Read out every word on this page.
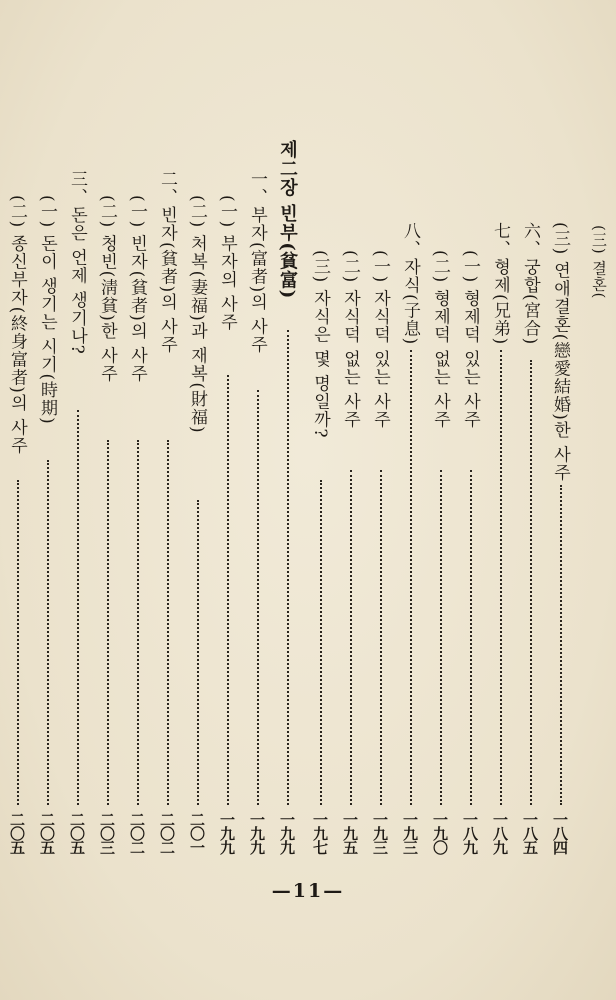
(三) 결혼(
(三) 연애결혼(戀愛結婚)한 사주
一八四
六、궁합(宮合)
一八五
七、형제(兄弟)
一八九
(一) 형제덕 있는 사주
一八九
(二) 형제덕 없는 사주
一九〇
八、자식(子息)
一九三
(一) 자식덕 있는 사주
一九三
(二) 자식덕 없는 사주
一九五
(三) 자식은 몇 명일까?
一九七
제二장 빈부(貧富)
一九九
一、부자(富者)의 사주
一九九
(一) 부자의 사주
一九九
(二) 처복(妻福)과 재복(財福)
二〇一
二、빈자(貧者)의 사주
二〇二
(一) 빈자(貧者)의 사주
二〇二
(二) 청빈(淸貧)한 사주
二〇三
三、돈은 언제 생기나?
二〇五
(一) 돈이 생기는 시기(時期)
二〇五
(二) 종신부자(終身富者)의 사주
二〇五
—11—
